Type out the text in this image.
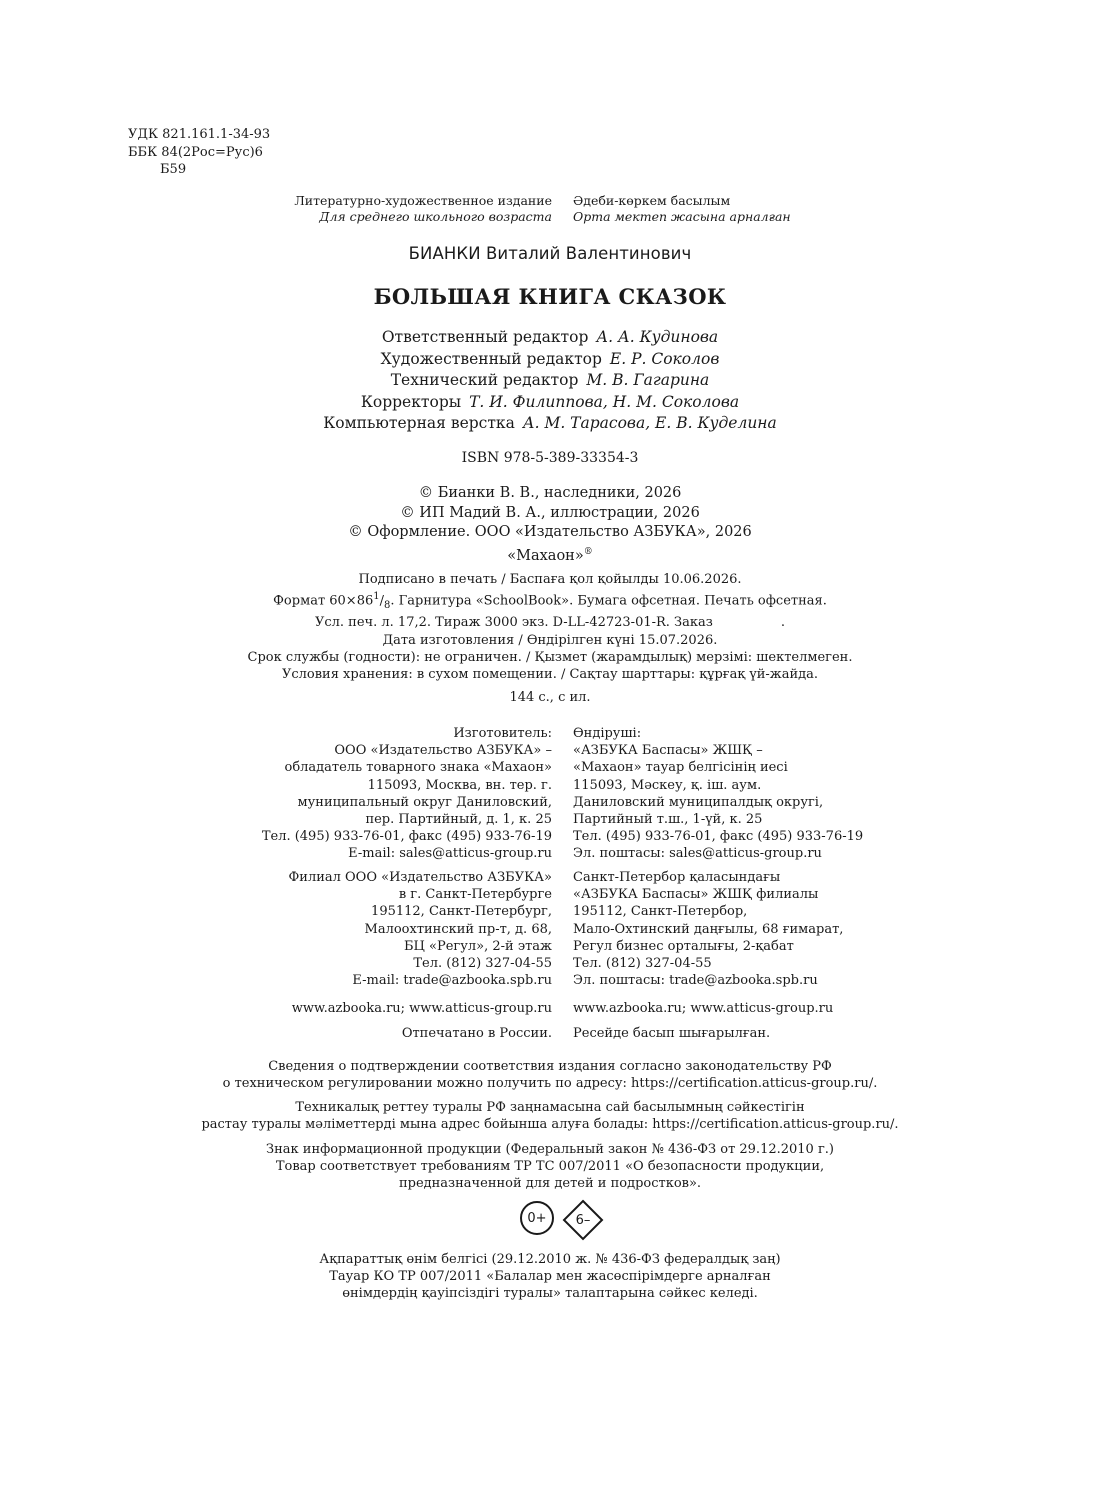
УДК 821.161.1-34-93
ББК 84(2Рос=Рус)6
Б59
Литературно-художественное издание Әдеби-көркем басылым
Для среднего школьного возраста Орта мектеп жасына арналған
БИАНКИ Виталий Валентинович
БОЛЬШАЯ КНИГА СКАЗОК
Ответственный редактор А. А. Кудинова
Художественный редактор Е. Р. Соколов
Технический редактор М. В. Гагарина
Корректоры Т. И. Филиппова, Н. М. Соколова
Компьютерная верстка А. М. Тарасова, Е. В. Куделина
ISBN 978-5-389-33354-3
© Бианки В. В., наследники, 2026
© ИП Мадий В. А., иллюстрации, 2026
© Оформление. ООО «Издательство АЗБУКА», 2026
«Махаон»®
Подписано в печать / Баспаға қол қойылды 10.06.2026.
Формат $60\times 86^1/_8$. Гарнитура «SchoolBook». Бумага офсетная. Печать офсетная.
Усл. печ. л. 17,2. Тираж 3000 экз. D-LL-42723-01-R. Заказ	.
Дата изготовления / Өндірілген күні 15.07.2026.
Срок службы (годности): не ограничен. / Қызмет (жарамдылық) мерзімі: шектелмеген.
Условия хранения: в сухом помещении. / Сақтау шарттары: құрғақ үй-жайда.
144 с., с ил.
Изготовитель:
ООО «Издательство АЗБУКА» –
обладатель товарного знака «Махаон»
115093, Москва, вн. тер. г.
муниципальный округ Даниловский,
пер. Партийный, д. 1, к. 25
Тел. (495) 933-76-01, факс (495) 933-76-19
E-mail: sales@atticus-group.ru
Өндіруші:
«АЗБУКА Баспасы» ЖШҚ –
«Махаон» тауар белгісінің иесі
115093, Мәскеу, қ. іш. аум.
Даниловский муниципалдық округі,
Партийный т.ш., 1-үй, к. 25
Тел. (495) 933-76-01, факс (495) 933-76-19
Эл. поштасы: sales@atticus-group.ru
Филиал ООО «Издательство АЗБУКА»
в г. Санкт-Петербурге
195112, Санкт-Петербург,
Малоохтинский пр-т, д. 68,
БЦ «Регул», 2-й этаж
Тел. (812) 327-04-55
E-mail: trade@azbooka.spb.ru
Санкт-Петербор қаласындағы
«АЗБУКА Баспасы» ЖШҚ филиалы
195112, Санкт-Петербор,
Мало-Охтинский даңғылы, 68 ғимарат,
Регул бизнес орталығы, 2-қабат
Тел. (812) 327-04-55
Эл. поштасы: trade@azbooka.spb.ru
www.azbooka.ru; www.atticus-group.ru www.azbooka.ru; www.atticus-group.ru
Отпечатано в России. Ресейде басып шығарылған.
Сведения о подтверждении соответствия издания согласно законодательству РФ
о техническом регулировании можно получить по адресу: https://certification.atticus-group.ru/.
Техникалық реттеу туралы РФ заңнамасына сай басылымның сәйкестігін
растау туралы мәліметтерді мына адрес бойынша алуға болады: https://certification.atticus-group.ru/.
Знак информационной продукции (Федеральный закон № 436-ФЗ от 29.12.2010 г.)
Товар соответствует требованиям ТР ТС 007/2011 «О безопасности продукции,
предназначенной для детей и подростков».
0+	6–
Ақпараттық өнім белгісі (29.12.2010 ж. № 436-ФЗ федералдық заң)
Тауар КО ТР 007/2011 «Балалар мен жасөспірімдерге арналған
өнімдердің қауіпсіздігі туралы» талаптарына сәйкес келеді.
